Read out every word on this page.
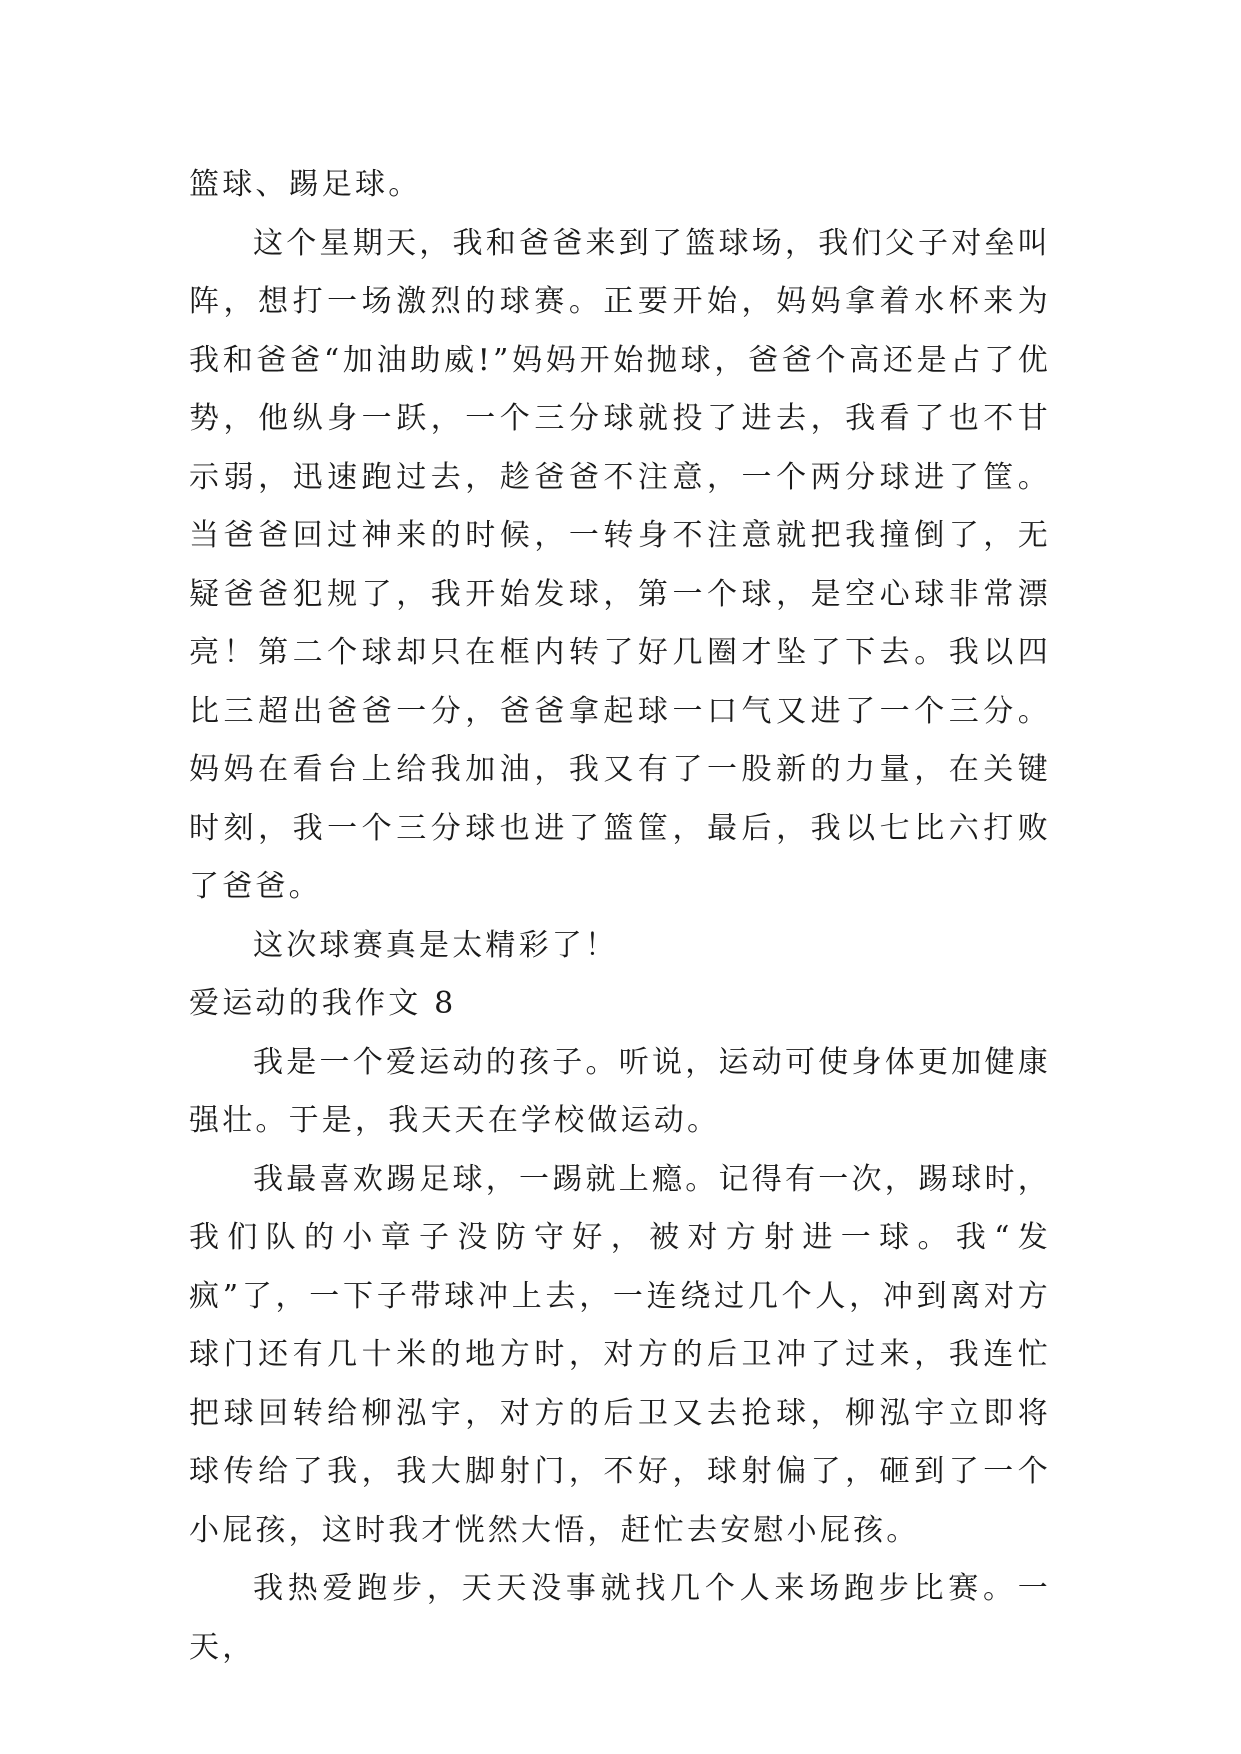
篮球、踢足球。

这个星期天，我和爸爸来到了篮球场，我们父子对垒叫阵，想打一场激烈的球赛。正要开始，妈妈拿着水杯来为我和爸爸“加油助威!”妈妈开始抛球，爸爸个高还是占了优势，他纵身一跃，一个三分球就投了进去，我看了也不甘示弱，迅速跑过去，趁爸爸不注意，一个两分球进了筐。当爸爸回过神来的时候，一转身不注意就把我撞倒了，无疑爸爸犯规了，我开始发球，第一个球，是空心球非常漂亮！第二个球却只在框内转了好几圈才坠了下去。我以四比三超出爸爸一分，爸爸拿起球一口气又进了一个三分。妈妈在看台上给我加油，我又有了一股新的力量，在关键时刻，我一个三分球也进了篮筐，最后，我以七比六打败了爸爸。

这次球赛真是太精彩了！

爱运动的我作文 8

我是一个爱运动的孩子。听说，运动可使身体更加健康强壮。于是，我天天在学校做运动。

我最喜欢踢足球，一踢就上瘾。记得有一次，踢球时，我们队的小章子没防守好，被对方射进一球。我“发疯”了，一下子带球冲上去，一连绕过几个人，冲到离对方球门还有几十米的地方时，对方的后卫冲了过来，我连忙把球回转给柳泓宇，对方的后卫又去抢球，柳泓宇立即将球传给了我，我大脚射门，不好，球射偏了，砸到了一个小屁孩，这时我才恍然大悟，赶忙去安慰小屁孩。

我热爱跑步，天天没事就找几个人来场跑步比赛。一天，
